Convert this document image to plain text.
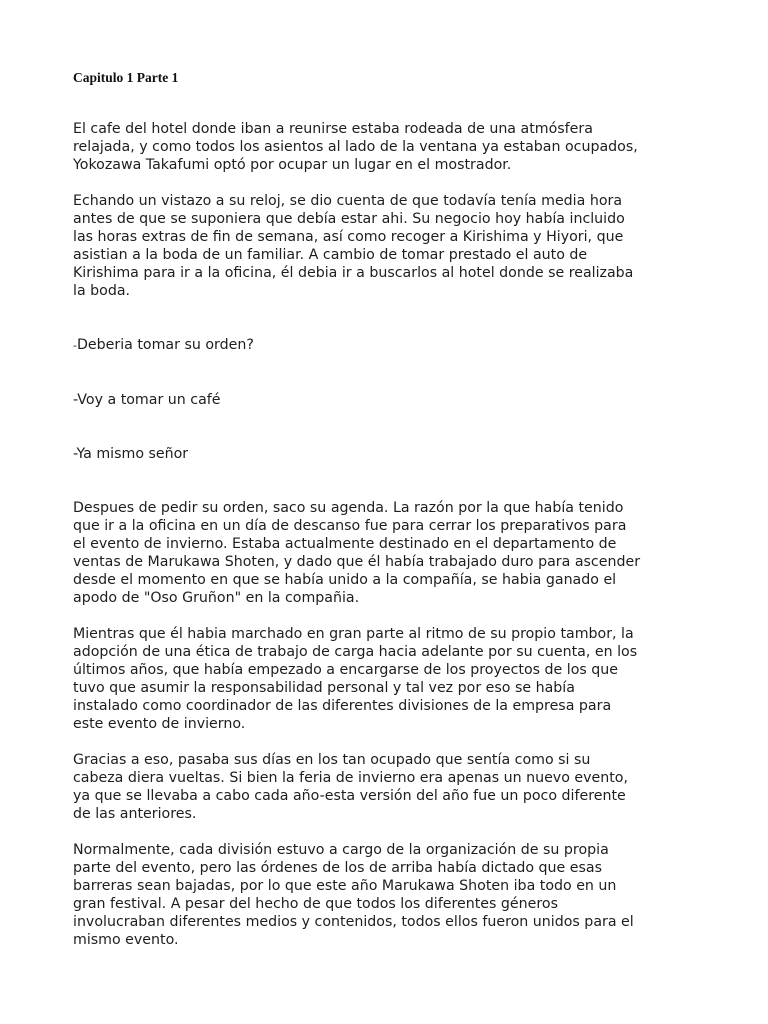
Capitulo 1 Parte 1

El cafe del hotel donde iban a reunirse estaba rodeada de una atmósfera

relajada, y como todos los asientos al lado de la ventana ya estaban ocupados,

Yokozawa Takafumi optó por ocupar un lugar en el mostrador.

Echando un vistazo a su reloj, se dio cuenta de que todavía tenía media hora

antes de que se suponiera que debía estar ahi. Su negocio hoy había incluido

las horas extras de fin de semana, así como recoger a Kirishima y Hiyori, que

asistian a la boda de un familiar. A cambio de tomar prestado el auto de

Kirishima para ir a la oficina, él debia ir a buscarlos al hotel donde se realizaba

la boda.

-Deberia tomar su orden?

-Voy a tomar un café

-Ya mismo señor

Despues de pedir su orden, saco su agenda. La razón por la que había tenido

que ir a la oficina en un día de descanso fue para cerrar los preparativos para

el evento de invierno. Estaba actualmente destinado en el departamento de

ventas de Marukawa Shoten, y dado que él había trabajado duro para ascender

desde el momento en que se había unido a la compañía, se habia ganado el

apodo de "Oso Gruñon" en la compañia.

Mientras que él habia marchado en gran parte al ritmo de su propio tambor, la

adopción de una ética de trabajo de carga hacia adelante por su cuenta, en los

últimos años, que había empezado a encargarse de los proyectos de los que

tuvo que asumir la responsabilidad personal y tal vez por eso se había

instalado como coordinador de las diferentes divisiones de la empresa para

este evento de invierno.

Gracias a eso, pasaba sus días en los tan ocupado que sentía como si su

cabeza diera vueltas. Si bien la feria de invierno era apenas un nuevo evento,

ya que se llevaba a cabo cada año-esta versión del año fue un poco diferente

de las anteriores.

Normalmente, cada división estuvo a cargo de la organización de su propia

parte del evento, pero las órdenes de los de arriba había dictado que esas

barreras sean bajadas, por lo que este año Marukawa Shoten iba todo en un

gran festival. A pesar del hecho de que todos los diferentes géneros

involucraban diferentes medios y contenidos, todos ellos fueron unidos para el

mismo evento.
